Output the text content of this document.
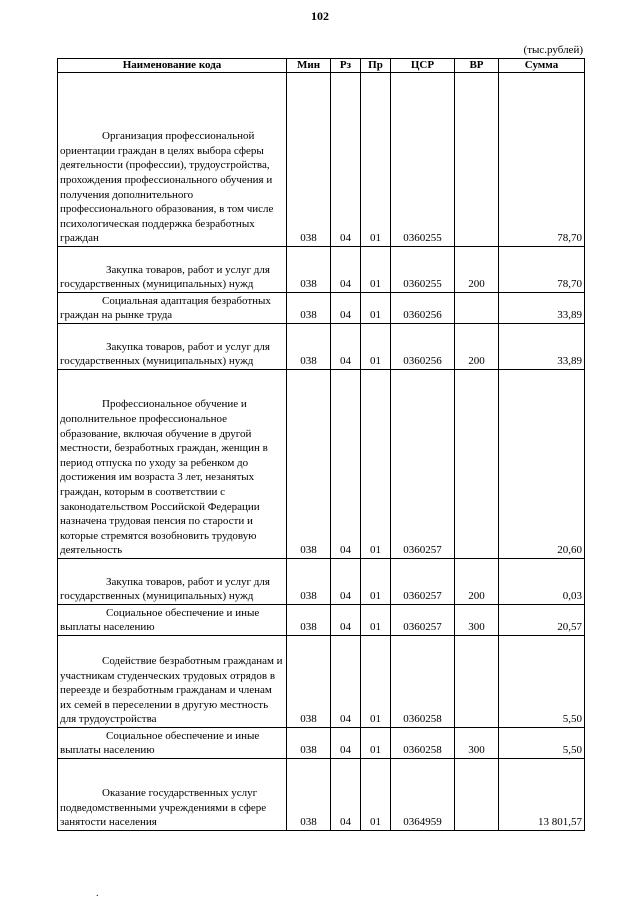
102
(тыс.рублей)
Наименование кода	Мин	Рз	Пр	ЦСР	ВР	Сумма
Организация профессиональной ориентации граждан в целях выбора сферы деятельности (профессии), трудоустройства, прохождения профессионального обучения и получения дополнительного профессионального образования, в том числе психологическая поддержка безработных граждан	038	04	01	0360255		78,70
Закупка товаров, работ и услуг для государственных (муниципальных) нужд	038	04	01	0360255	200	78,70
Социальная адаптация безработных граждан на рынке труда	038	04	01	0360256		33,89
Закупка товаров, работ и услуг для государственных (муниципальных) нужд	038	04	01	0360256	200	33,89
Профессиональное обучение и дополнительное профессиональное образование, включая обучение в другой местности, безработных граждан, женщин в период отпуска по уходу за ребенком до достижения им возраста 3 лет, незанятых граждан, которым в соответствии с законодательством Российской Федерации назначена трудовая пенсия по старости и которые стремятся возобновить трудовую деятельность	038	04	01	0360257		20,60
Закупка товаров, работ и услуг для государственных (муниципальных) нужд	038	04	01	0360257	200	0,03
Социальное обеспечение и иные выплаты населению	038	04	01	0360257	300	20,57
Содействие безработным гражданам и участникам студенческих трудовых отрядов в переезде и безработным гражданам и членам их семей в переселении в другую местность для трудоустройства	038	04	01	0360258		5,50
Социальное обеспечение и иные выплаты населению	038	04	01	0360258	300	5,50
Оказание государственных услуг подведомственными учреждениями в сфере занятости населения	038	04	01	0364959		13 801,57
.
